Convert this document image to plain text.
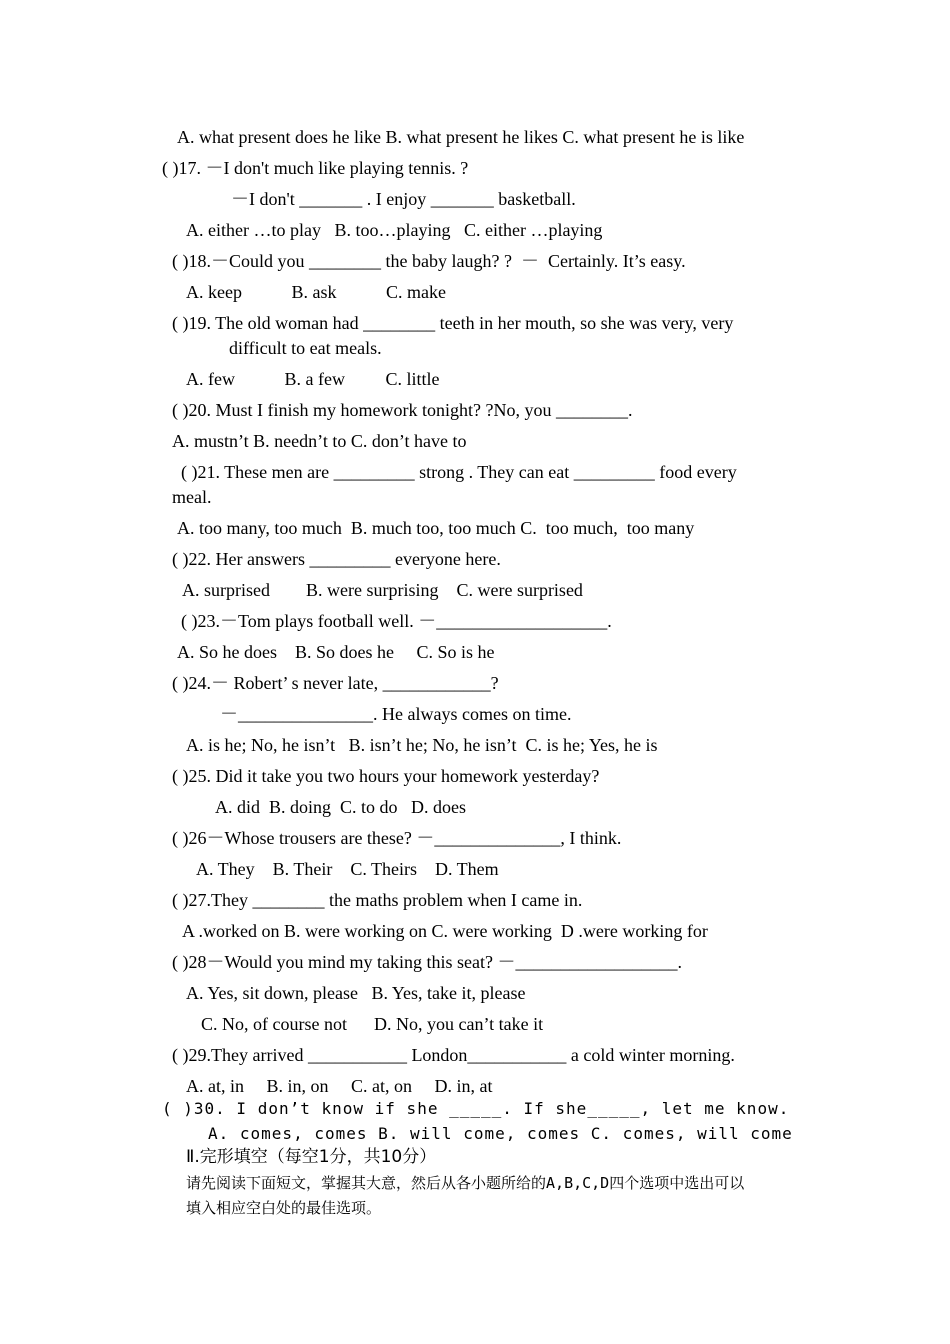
A. what present does he like B. what present he likes C. what present he is like
( )17. －I don't much like playing tennis. ?
－I don't _______ . I enjoy _______ basketball.
A. either …to play   B. too…playing   C. either …playing
( )18.－Could you ________ the baby laugh? ?  －  Certainly. It’s easy.
A. keep           B. ask           C. make
( )19. The old woman had ________ teeth in her mouth, so she was very, very
difficult to eat meals.
A. few           B. a few         C. little
( )20. Must I finish my homework tonight? ?No, you ________.
A. mustn’t B. needn’t to C. don’t have to
( )21. These men are _________ strong . They can eat _________ food every
meal.
A. too many, too much  B. much too, too much C.  too much,  too many
( )22. Her answers _________ everyone here.
A. surprised        B. were surprising    C. were surprised
( )23.－Tom plays football well. －___________________.
A. So he does    B. So does he     C. So is he
( )24.－ Robert’ s never late, ____________?
－_______________. He always comes on time.
A. is he; No, he isn’t   B. isn’t he; No, he isn’t  C. is he; Yes, he is
( )25. Did it take you two hours your homework yesterday?
A. did  B. doing  C. to do   D. does
( )26－Whose trousers are these? －______________, I think.
A. They    B. Their    C. Theirs    D. Them
( )27.They ________ the maths problem when I came in.
A .worked on B. were working on C. were working  D .were working for
( )28－Would you mind my taking this seat? －__________________.
A. Yes, sit down, please   B. Yes, take it, please
C. No, of course not      D. No, you can’t take it
( )29.They arrived ___________ London___________ a cold winter morning.
A. at, in     B. in, on     C. at, on     D. in, at
( )30. I don’t know if she _____. If she_____, let me know.
A. comes, comes B. will come, comes C. comes, will come
Ⅱ.完形填空（每空1分，共10分）
请先阅读下面短文，掌握其大意，然后从各小题所给的A,B,C,D四个选项中选出可以
填入相应空白处的最佳选项。
